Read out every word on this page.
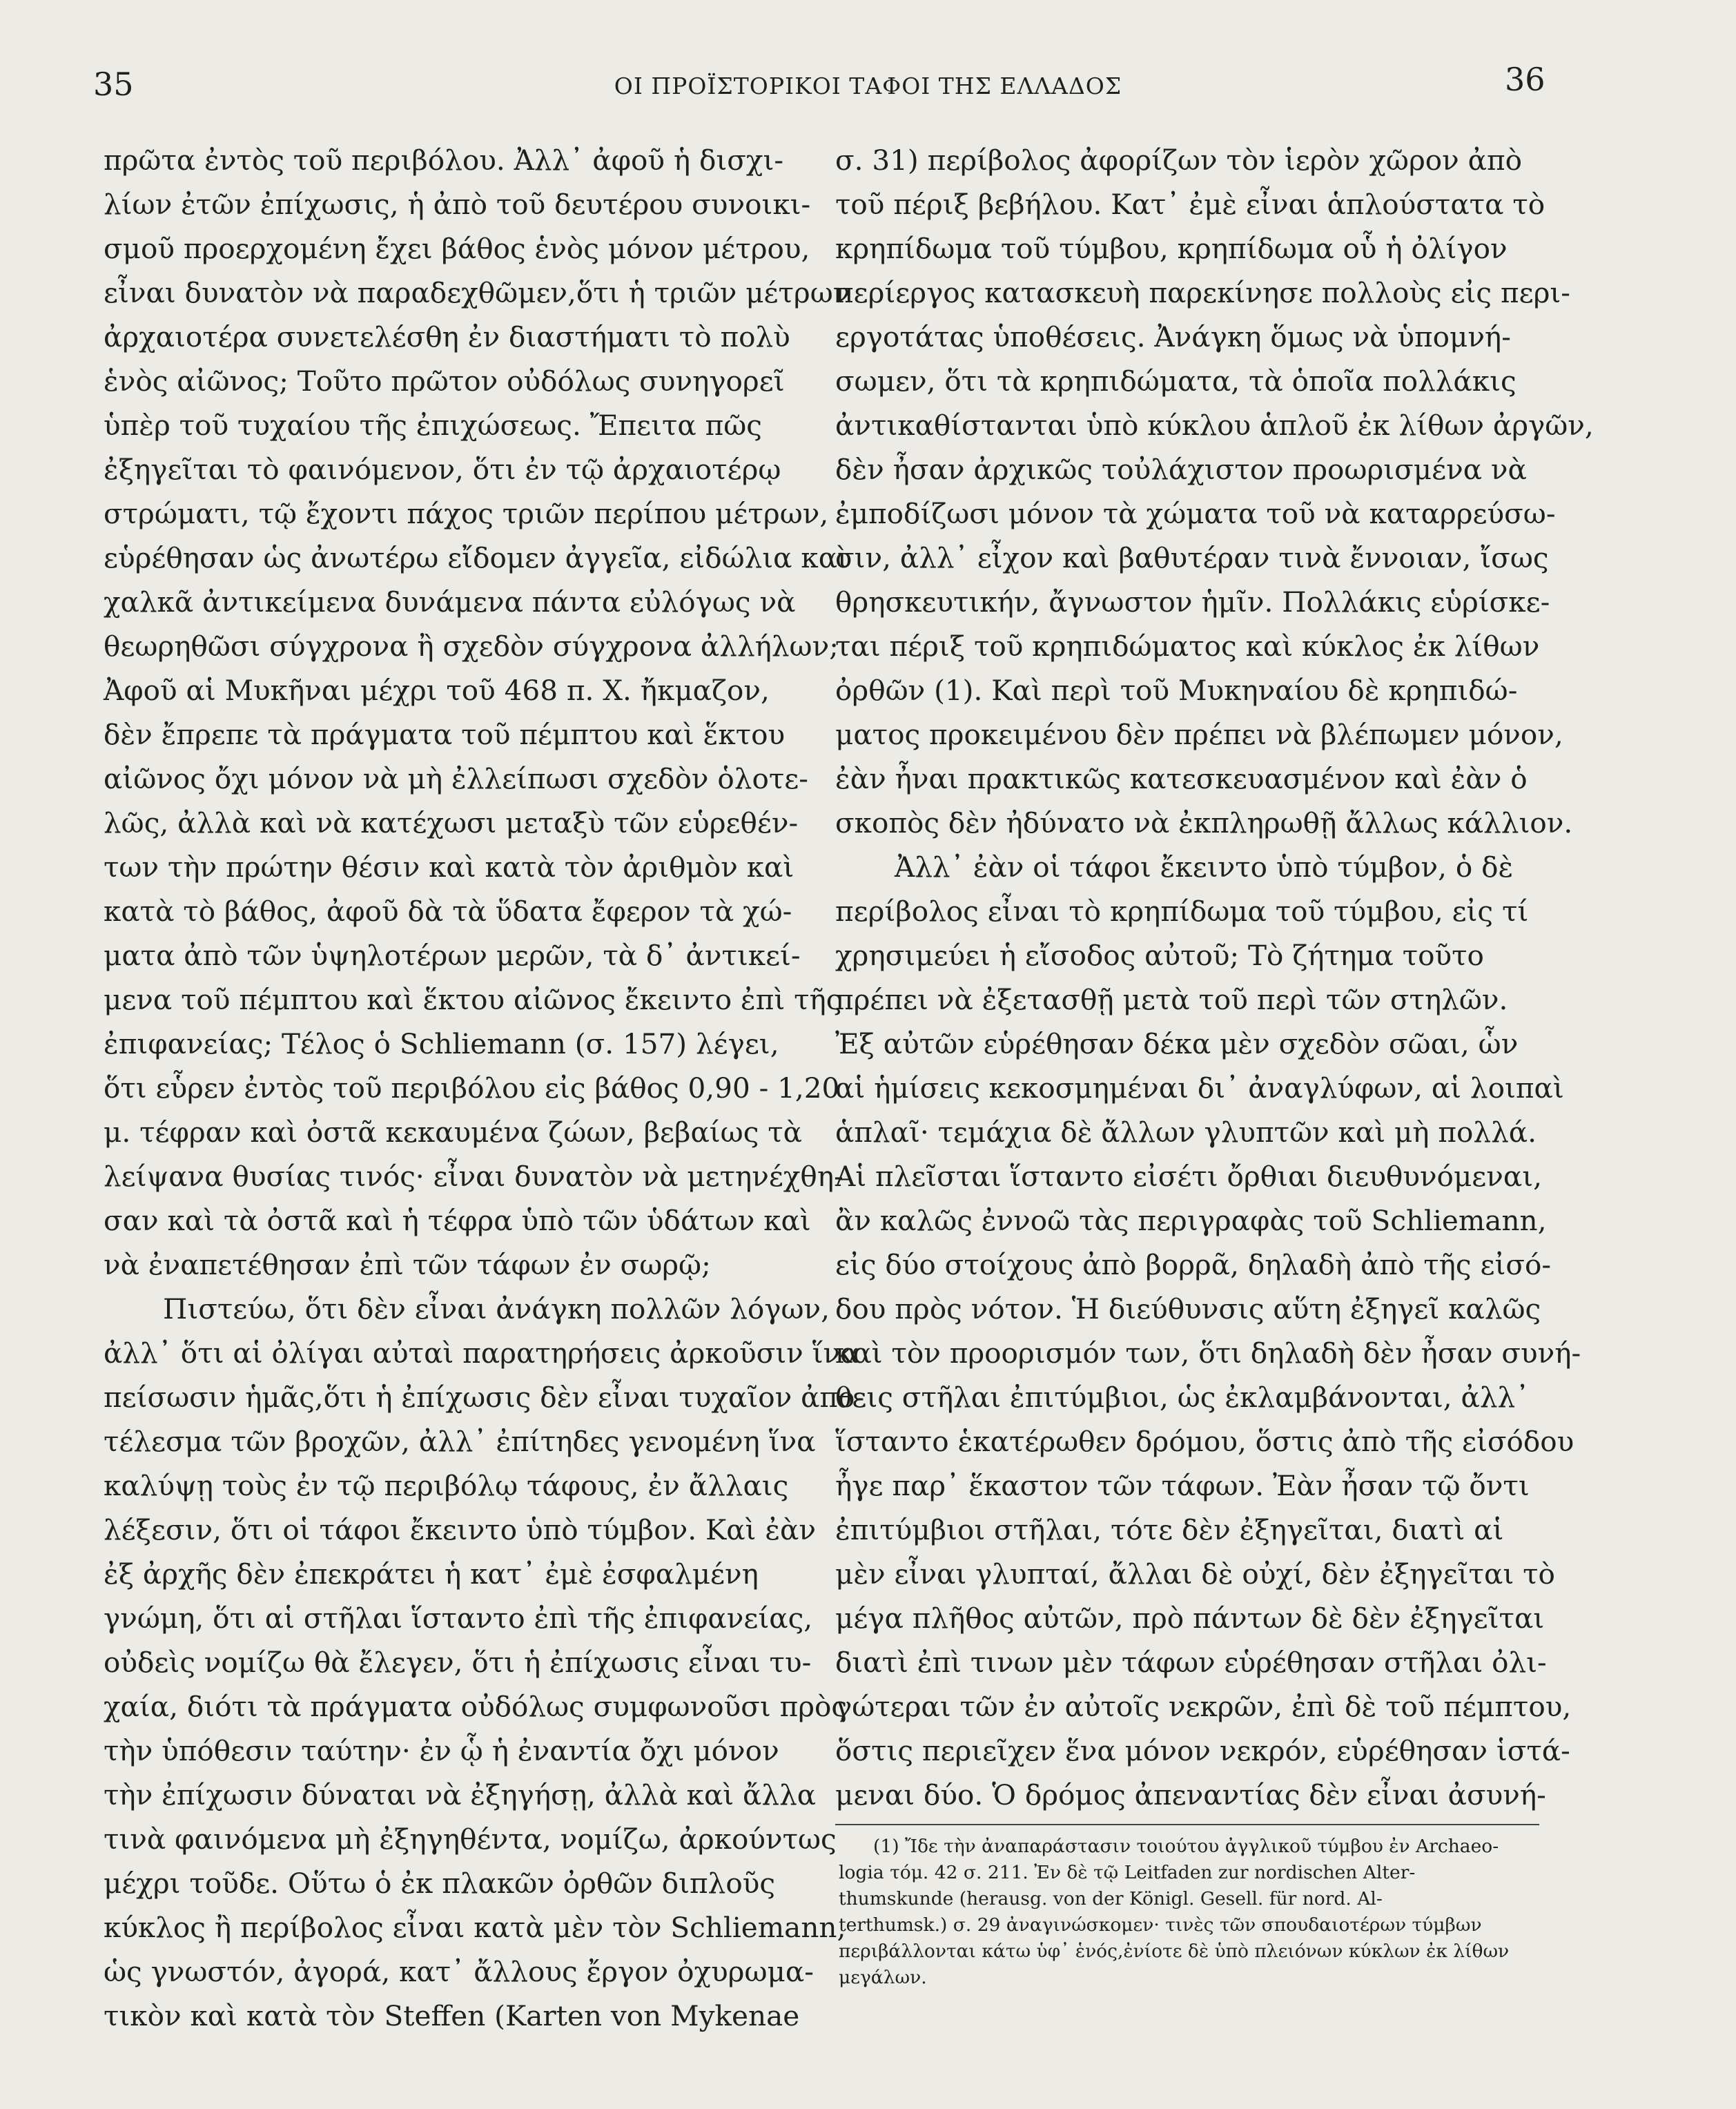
35	ΟΙ ΠΡΟΪΣΤΟΡΙΚΟΙ ΤΑΦΟΙ ΤΗΣ ΕΛΛΑΔΟΣ	36
πρῶτα ἐντὸς τοῦ περιβόλου. Ἀλλ᾽ ἀφοῦ ἡ δισχι-
λίων ἐτῶν ἐπίχωσις, ἡ ἀπὸ τοῦ δευτέρου συνοικι-
σμοῦ προερχομένη ἔχει βάθος ἑνὸς μόνον μέτρου,
εἶναι δυνατὸν νὰ παραδεχθῶμεν,ὅτι ἡ τριῶν μέτρων
ἀρχαιοτέρα συνετελέσθη ἐν διαστήματι τὸ πολὺ
ἑνὸς αἰῶνος; Τοῦτο πρῶτον οὐδόλως συνηγορεῖ
ὑπὲρ τοῦ τυχαίου τῆς ἐπιχώσεως. Ἔπειτα πῶς
ἐξηγεῖται τὸ φαινόμενον, ὅτι ἐν τῷ ἀρχαιοτέρῳ
στρώματι, τῷ ἔχοντι πάχος τριῶν περίπου μέτρων,
εὑρέθησαν ὡς ἀνωτέρω εἴδομεν ἀγγεῖα, εἰδώλια καὶ
χαλκᾶ ἀντικείμενα δυνάμενα πάντα εὐλόγως νὰ
θεωρηθῶσι σύγχρονα ἢ σχεδὸν σύγχρονα ἀλλήλων;
Ἀφοῦ αἱ Μυκῆναι μέχρι τοῦ 468 π. Χ. ἤκμαζον,
δὲν ἔπρεπε τὰ πράγματα τοῦ πέμπτου καὶ ἕκτου
αἰῶνος ὄχι μόνον νὰ μὴ ἐλλείπωσι σχεδὸν ὁλοτε-
λῶς, ἀλλὰ καὶ νὰ κατέχωσι μεταξὺ τῶν εὑρεθέν-
των τὴν πρώτην θέσιν καὶ κατὰ τὸν ἀριθμὸν καὶ
κατὰ τὸ βάθος, ἀφοῦ δὰ τὰ ὕδατα ἔφερον τὰ χώ-
ματα ἀπὸ τῶν ὑψηλοτέρων μερῶν, τὰ δ᾽ ἀντικεί-
μενα τοῦ πέμπτου καὶ ἕκτου αἰῶνος ἔκειντο ἐπὶ τῆς
ἐπιφανείας; Τέλος ὁ Schliemann (σ. 157) λέγει,
ὅτι εὗρεν ἐντὸς τοῦ περιβόλου εἰς βάθος 0,90 - 1,20
μ. τέφραν καὶ ὀστᾶ κεκαυμένα ζώων, βεβαίως τὰ
λείψανα θυσίας τινός· εἶναι δυνατὸν νὰ μετηνέχθη-
σαν καὶ τὰ ὀστᾶ καὶ ἡ τέφρα ὑπὸ τῶν ὑδάτων καὶ
νὰ ἐναπετέθησαν ἐπὶ τῶν τάφων ἐν σωρῷ;
Πιστεύω, ὅτι δὲν εἶναι ἀνάγκη πολλῶν λόγων,
ἀλλ᾽ ὅτι αἱ ὀλίγαι αὐταὶ παρατηρήσεις ἀρκοῦσιν ἵνα
πείσωσιν ἡμᾶς,ὅτι ἡ ἐπίχωσις δὲν εἶναι τυχαῖον ἀπο-
τέλεσμα τῶν βροχῶν, ἀλλ᾽ ἐπίτηδες γενομένη ἵνα
καλύψῃ τοὺς ἐν τῷ περιβόλῳ τάφους, ἐν ἄλλαις
λέξεσιν, ὅτι οἱ τάφοι ἔκειντο ὑπὸ τύμβον. Καὶ ἐὰν
ἐξ ἀρχῆς δὲν ἐπεκράτει ἡ κατ᾽ ἐμὲ ἐσφαλμένη
γνώμη, ὅτι αἱ στῆλαι ἵσταντο ἐπὶ τῆς ἐπιφανείας,
οὐδεὶς νομίζω θὰ ἔλεγεν, ὅτι ἡ ἐπίχωσις εἶναι τυ-
χαία, διότι τὰ πράγματα οὐδόλως συμφωνοῦσι πρὸς
τὴν ὑπόθεσιν ταύτην· ἐν ᾧ ἡ ἐναντία ὄχι μόνον
τὴν ἐπίχωσιν δύναται νὰ ἐξηγήσῃ, ἀλλὰ καὶ ἄλλα
τινὰ φαινόμενα μὴ ἐξηγηθέντα, νομίζω, ἀρκούντως
μέχρι τοῦδε. Οὕτω ὁ ἐκ πλακῶν ὀρθῶν διπλοῦς
κύκλος ἢ περίβολος εἶναι κατὰ μὲν τὸν Schliemann,
ὡς γνωστόν, ἀγορά, κατ᾽ ἄλλους ἔργον ὀχυρωμα-
τικὸν καὶ κατὰ τὸν Steffen (Karten von Mykenae
σ. 31) περίβολος ἀφορίζων τὸν ἱερὸν χῶρον ἀπὸ
τοῦ πέριξ βεβήλου. Κατ᾽ ἐμὲ εἶναι ἁπλούστατα τὸ
κρηπίδωμα τοῦ τύμβου, κρηπίδωμα οὗ ἡ ὀλίγον
περίεργος κατασκευὴ παρεκίνησε πολλοὺς εἰς περι-
εργοτάτας ὑποθέσεις. Ἀνάγκη ὅμως νὰ ὑπομνή-
σωμεν, ὅτι τὰ κρηπιδώματα, τὰ ὁποῖα πολλάκις
ἀντικαθίστανται ὑπὸ κύκλου ἁπλοῦ ἐκ λίθων ἀργῶν,
δὲν ἦσαν ἀρχικῶς τοὐλάχιστον προωρισμένα νὰ
ἐμποδίζωσι μόνον τὰ χώματα τοῦ νὰ καταρρεύσω-
σιν, ἀλλ᾽ εἶχον καὶ βαθυτέραν τινὰ ἔννοιαν, ἴσως
θρησκευτικήν, ἄγνωστον ἡμῖν. Πολλάκις εὑρίσκε-
ται πέριξ τοῦ κρηπιδώματος καὶ κύκλος ἐκ λίθων
ὀρθῶν (1). Καὶ περὶ τοῦ Μυκηναίου δὲ κρηπιδώ-
ματος προκειμένου δὲν πρέπει νὰ βλέπωμεν μόνον,
ἐὰν ἦναι πρακτικῶς κατεσκευασμένον καὶ ἐὰν ὁ
σκοπὸς δὲν ἠδύνατο νὰ ἐκπληρωθῇ ἄλλως κάλλιον.
Ἀλλ᾽ ἐὰν οἱ τάφοι ἔκειντο ὑπὸ τύμβον, ὁ δὲ
περίβολος εἶναι τὸ κρηπίδωμα τοῦ τύμβου, εἰς τί
χρησιμεύει ἡ εἴσοδος αὐτοῦ; Τὸ ζήτημα τοῦτο
πρέπει νὰ ἐξετασθῇ μετὰ τοῦ περὶ τῶν στηλῶν.
Ἐξ αὐτῶν εὑρέθησαν δέκα μὲν σχεδὸν σῶαι, ὧν
αἱ ἡμίσεις κεκοσμημέναι δι᾽ ἀναγλύφων, αἱ λοιπαὶ
ἁπλαῖ· τεμάχια δὲ ἄλλων γλυπτῶν καὶ μὴ πολλά.
Αἱ πλεῖσται ἵσταντο εἰσέτι ὄρθιαι διευθυνόμεναι,
ἂν καλῶς ἐννοῶ τὰς περιγραφὰς τοῦ Schliemann,
εἰς δύο στοίχους ἀπὸ βορρᾶ, δηλαδὴ ἀπὸ τῆς εἰσό-
δου πρὸς νότον. Ἡ διεύθυνσις αὕτη ἐξηγεῖ καλῶς
καὶ τὸν προορισμόν των, ὅτι δηλαδὴ δὲν ἦσαν συνή-
θεις στῆλαι ἐπιτύμβιοι, ὡς ἐκλαμβάνονται, ἀλλ᾽
ἵσταντο ἑκατέρωθεν δρόμου, ὅστις ἀπὸ τῆς εἰσόδου
ἦγε παρ᾽ ἕκαστον τῶν τάφων. Ἐὰν ἦσαν τῷ ὄντι
ἐπιτύμβιοι στῆλαι, τότε δὲν ἐξηγεῖται, διατὶ αἱ
μὲν εἶναι γλυπταί, ἄλλαι δὲ οὐχί, δὲν ἐξηγεῖται τὸ
μέγα πλῆθος αὐτῶν, πρὸ πάντων δὲ δὲν ἐξηγεῖται
διατὶ ἐπὶ τινων μὲν τάφων εὑρέθησαν στῆλαι ὀλι-
γώτεραι τῶν ἐν αὐτοῖς νεκρῶν, ἐπὶ δὲ τοῦ πέμπτου,
ὅστις περιεῖχεν ἕνα μόνον νεκρόν, εὑρέθησαν ἱστά-
μεναι δύο. Ὁ δρόμος ἀπεναντίας δὲν εἶναι ἀσυνή-
(1) Ἴδε τὴν ἀναπαράστασιν τοιούτου ἀγγλικοῦ τύμβου ἐν Archaeo-
logia τόμ. 42 σ. 211. Ἐν δὲ τῷ Leitfaden zur nordischen Alter-
thumskunde (herausg. von der Königl. Gesell. für nord. Al-
terthumsk.) σ. 29 ἀναγινώσκομεν· τινὲς τῶν σπουδαιοτέρων τύμβων
περιβάλλονται κάτω ὑφ᾽ ἑνός,ἐνίοτε δὲ ὑπὸ πλειόνων κύκλων ἐκ λίθων
μεγάλων.
